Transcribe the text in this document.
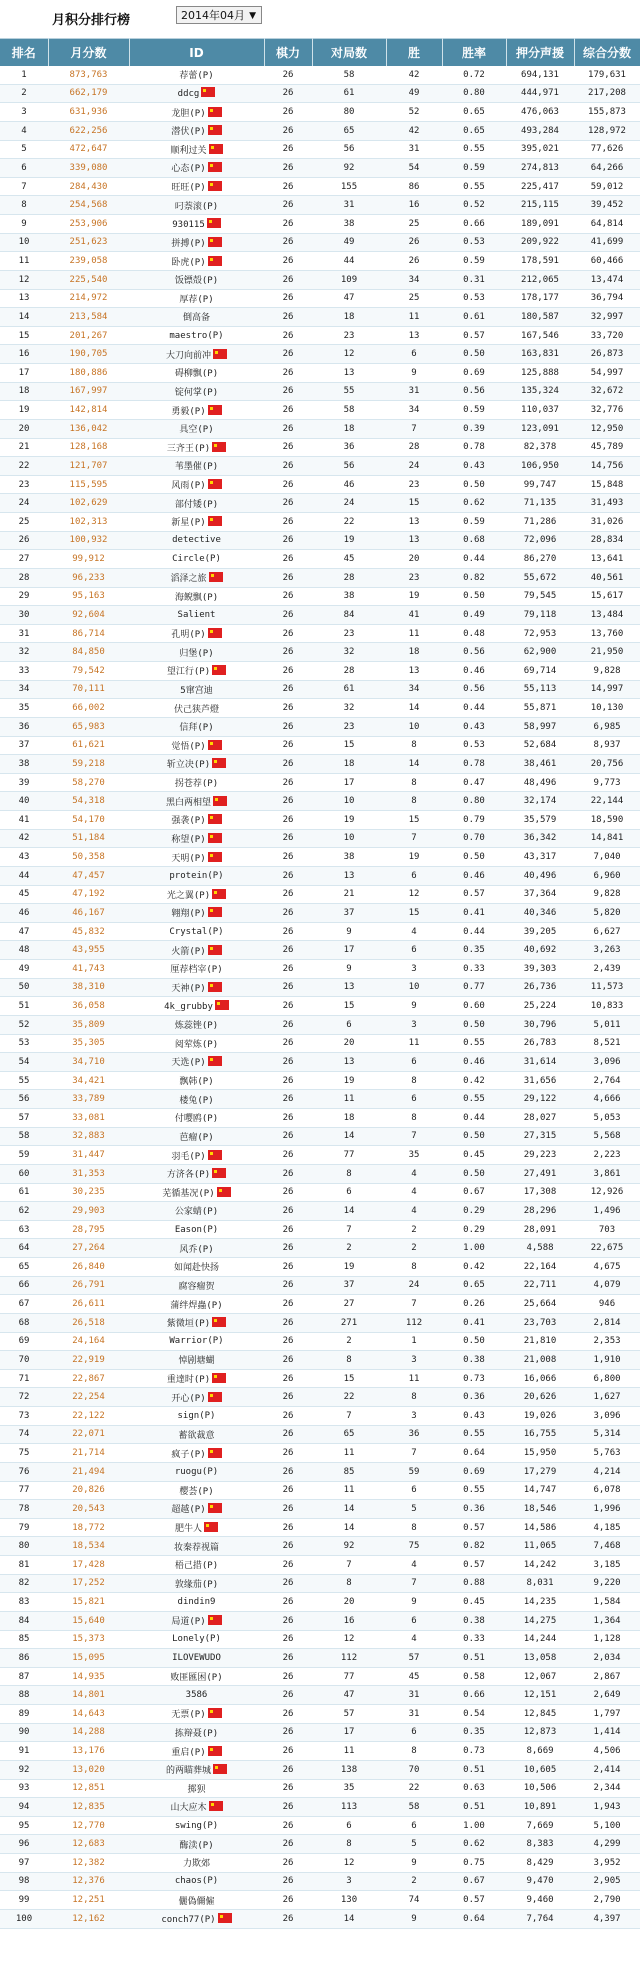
月积分排行榜	2014年04月 ▼
排名	月分数	ID	棋力	对局数	胜	胜率	押分声援	综合分数
1	873,763	荐蕾(P)	26	58	42	0.72	694,131	179,631
2	662,179	ddcg	26	61	49	0.80	444,971	217,208
3	631,936	龙胆(P)	26	80	52	0.65	476,063	155,873
4	622,256	潜伏(P)	26	65	42	0.65	493,284	128,972
5	472,647	顺利过关	26	56	31	0.55	395,021	77,626
6	339,080	心态(P)	26	92	54	0.59	274,813	64,266
7	284,430	旺旺(P)	26	155	86	0.55	225,417	59,012
8	254,568	叼萘滚(P)	26	31	16	0.52	215,115	39,452
9	253,906	930115	26	38	25	0.66	189,091	64,814
10	251,623	拼搏(P)	26	49	26	0.53	209,922	41,699
11	239,058	卧虎(P)	26	44	26	0.59	178,591	60,466
12	225,540	饭镖殻(P)	26	109	34	0.31	212,065	13,474
13	214,972	厚荐(P)	26	47	25	0.53	178,177	36,794
14	213,584	倒高备	26	18	11	0.61	180,587	32,997
15	201,267	maestro(P)	26	23	13	0.57	167,546	33,720
16	190,705	大刀向前冲	26	12	6	0.50	163,831	26,873
17	180,886	碍柳飘(P)	26	13	9	0.69	125,888	54,997
18	167,997	锭何掌(P)	26	55	31	0.56	135,324	32,672
19	142,814	勇毅(P)	26	58	34	0.59	110,037	32,776
20	136,042	具空(P)	26	18	7	0.39	123,091	12,950
21	128,168	三齐王(P)	26	36	28	0.78	82,378	45,789
22	121,707	苇墨催(P)	26	56	24	0.43	106,950	14,756
23	115,595	风雨(P)	26	46	23	0.50	99,747	15,848
24	102,629	部付矮(P)	26	24	15	0.62	71,135	31,493
25	102,313	新星(P)	26	22	13	0.59	71,286	31,026
26	100,932	detective	26	19	13	0.68	72,096	28,834
27	99,912	Circle(P)	26	45	20	0.44	86,270	13,641
28	96,233	滔泽之旅	26	28	23	0.82	55,672	40,561
29	95,163	海鲵飘(P)	26	38	19	0.50	79,545	15,617
30	92,604	Salient	26	84	41	0.49	79,118	13,484
31	86,714	孔明(P)	26	23	11	0.48	72,953	13,760
32	84,850	归堡(P)	26	32	18	0.56	62,900	21,950
33	79,542	望江行(P)	26	28	13	0.46	69,714	9,828
34	70,111	5窜宫迪	26	61	34	0.56	55,113	14,997
35	66,002	伏己狭芦燈	26	32	14	0.44	55,871	10,130
36	65,983	信拜(P)	26	23	10	0.43	58,997	6,985
37	61,621	觉悟(P)	26	15	8	0.53	52,684	8,937
38	59,218	斩立决(P)	26	18	14	0.78	38,461	20,756
39	58,270	拐苍荐(P)	26	17	8	0.47	48,496	9,773
40	54,318	黑白两相望	26	10	8	0.80	32,174	22,144
41	54,170	强袭(P)	26	19	15	0.79	35,579	18,590
42	51,184	称望(P)	26	10	7	0.70	36,342	14,841
43	50,358	天明(P)	26	38	19	0.50	43,317	7,040
44	47,457	protein(P)	26	13	6	0.46	40,496	6,960
45	47,192	光之翼(P)	26	21	12	0.57	37,364	9,828
46	46,167	翱翔(P)	26	37	15	0.41	40,346	5,820
47	45,832	Crystal(P)	26	9	4	0.44	39,205	6,627
48	43,955	火箭(P)	26	17	6	0.35	40,692	3,263
49	41,743	厘荐档宰(P)	26	9	3	0.33	39,303	2,439
50	38,310	天神(P)	26	13	10	0.77	26,736	11,573
51	36,058	4k_grubby	26	15	9	0.60	25,224	10,833
52	35,809	炼蕊锉(P)	26	6	3	0.50	30,796	5,011
53	35,305	阅荤炼(P)	26	20	11	0.55	26,783	8,521
54	34,710	天选(P)	26	13	6	0.46	31,614	3,096
55	34,421	飘韩(P)	26	19	8	0.42	31,656	2,764
56	33,789	楼兔(P)	26	11	6	0.55	29,122	4,666
57	33,081	付嘤鸥(P)	26	18	8	0.44	28,027	5,053
58	32,883	芭瘤(P)	26	14	7	0.50	27,315	5,568
59	31,447	羽毛(P)	26	77	35	0.45	29,223	2,223
60	31,353	方济各(P)	26	8	4	0.50	27,491	3,861
61	30,235	芜循基况(P)	26	6	4	0.67	17,308	12,926
62	29,903	公家蜻(P)	26	14	4	0.29	28,296	1,496
63	28,795	Eason(P)	26	7	2	0.29	28,091	703
64	27,264	风乔(P)	26	2	2	1.00	4,588	22,675
65	26,840	如闻赴快扬	26	19	8	0.42	22,164	4,675
66	26,791	腐容瘤贺	26	37	24	0.65	22,711	4,079
67	26,611	蒲绊焊蟲(P)	26	27	7	0.26	25,664	946
68	26,518	紫微垣(P)	26	271	112	0.41	23,703	2,814
69	24,164	Warrior(P)	26	2	1	0.50	21,810	2,353
70	22,919	悼剧塘蝴	26	8	3	0.38	21,008	1,910
71	22,867	重達时(P)	26	15	11	0.73	16,066	6,800
72	22,254	开心(P)	26	22	8	0.36	20,626	1,627
73	22,122	sign(P)	26	7	3	0.43	19,026	3,096
74	22,071	蓄欲裁意	26	65	36	0.55	16,755	5,314
75	21,714	疯子(P)	26	11	7	0.64	15,950	5,763
76	21,494	ruogu(P)	26	85	59	0.69	17,279	4,214
77	20,826	樱荟(P)	26	11	6	0.55	14,747	6,078
78	20,543	超越(P)	26	14	5	0.36	18,546	1,996
79	18,772	肥牛人	26	14	8	0.57	14,586	4,185
80	18,534	妆秦荐视篇	26	92	75	0.82	11,065	7,468
81	17,428	梧己措(P)	26	7	4	0.57	14,242	3,185
82	17,252	敦缘茄(P)	26	8	7	0.88	8,031	9,220
83	15,821	dindin9	26	20	9	0.45	14,235	1,584
84	15,640	局道(P)	26	16	6	0.38	14,275	1,364
85	15,373	Lonely(P)	26	12	4	0.33	14,244	1,128
86	15,095	ILOVEWUDO	26	112	57	0.51	13,058	2,034
87	14,935	败匪匯困(P)	26	77	45	0.58	12,067	2,867
88	14,801	3586	26	47	31	0.66	12,151	2,649
89	14,643	无票(P)	26	57	31	0.54	12,845	1,797
90	14,288	拣辩聂(P)	26	17	6	0.35	12,873	1,414
91	13,176	重启(P)	26	11	8	0.73	8,669	4,506
92	13,020	的两瞄葬城	26	138	70	0.51	10,605	2,414
93	12,851	掷狈	26	35	22	0.63	10,506	2,344
94	12,835	山大应木	26	113	58	0.51	10,891	1,943
95	12,770	swing(P)	26	6	6	1.00	7,669	5,100
96	12,683	酶渎(P)	26	8	5	0.62	8,383	4,299
97	12,382	力欺郊	26	12	9	0.75	8,429	3,952
98	12,376	chaos(P)	26	3	2	0.67	9,470	2,905
99	12,251	儷偽儞僱	26	130	74	0.57	9,460	2,790
100	12,162	conch77(P)	26	14	9	0.64	7,764	4,397
